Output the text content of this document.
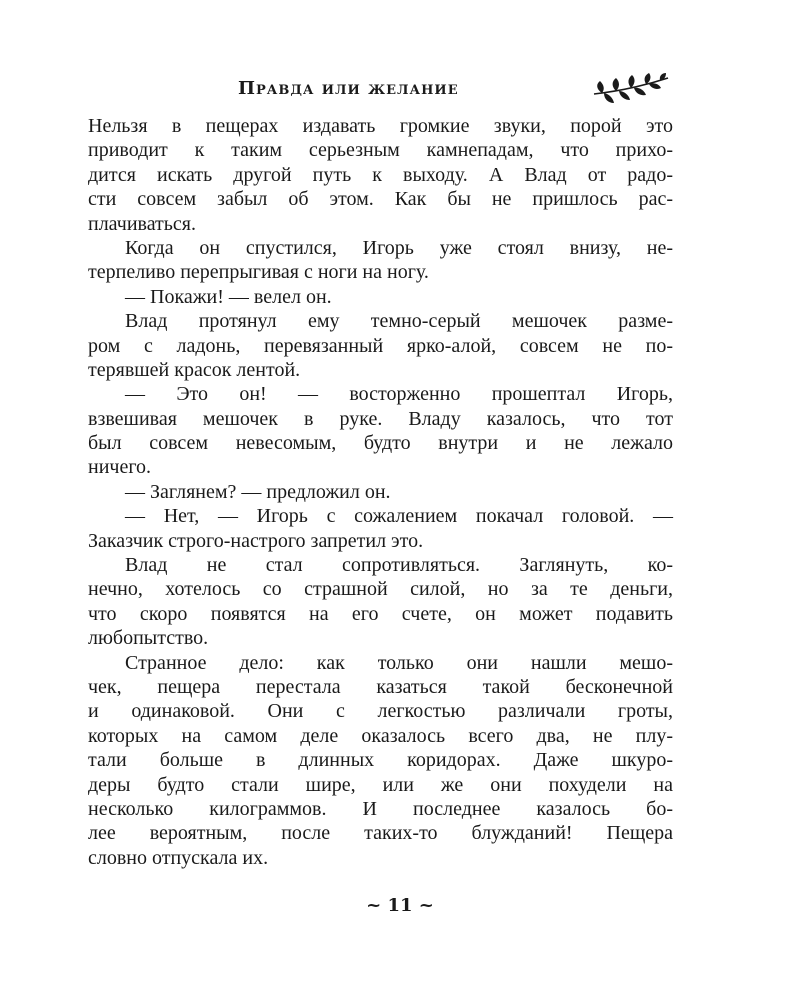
Правда или желание
Нельзя в пещерах издавать громкие звуки, порой это
приводит к таким серьезным камнепадам, что прихо-
дится искать другой путь к выходу. А Влад от радо-
сти совсем забыл об этом. Как бы не пришлось рас-
плачиваться.
Когда он спустился, Игорь уже стоял внизу, не-
терпеливо перепрыгивая с ноги на ногу.
— Покажи! — велел он.
Влад протянул ему темно-серый мешочек разме-
ром с ладонь, перевязанный ярко-алой, совсем не по-
терявшей красок лентой.
— Это он! — восторженно прошептал Игорь,
взвешивая мешочек в руке. Владу казалось, что тот
был совсем невесомым, будто внутри и не лежало
ничего.
— Заглянем? — предложил он.
— Нет, — Игорь с сожалением покачал головой. —
Заказчик строго-настрого запретил это.
Влад не стал сопротивляться. Заглянуть, ко-
нечно, хотелось со страшной силой, но за те деньги,
что скоро появятся на его счете, он может подавить
любопытство.
Странное дело: как только они нашли мешо-
чек, пещера перестала казаться такой бесконечной
и одинаковой. Они с легкостью различали гроты,
которых на самом деле оказалось всего два, не плу-
тали больше в длинных коридорах. Даже шкуро-
деры будто стали шире, или же они похудели на
несколько килограммов. И последнее казалось бо-
лее вероятным, после таких-то блужданий! Пещера
словно отпускала их.
~ 11 ~
